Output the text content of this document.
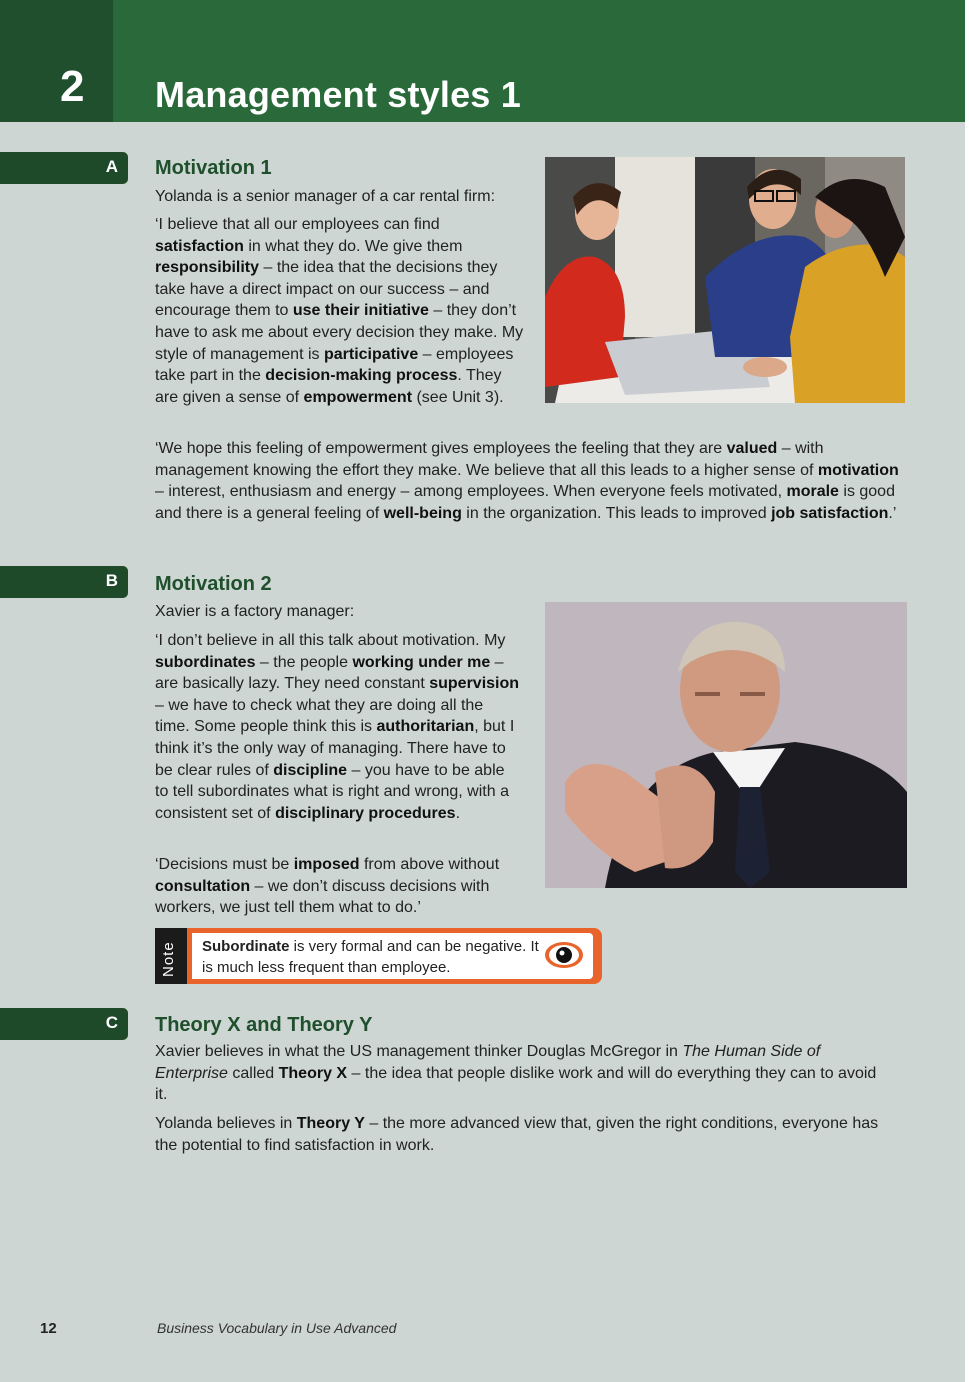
2 Management styles 1
A Motivation 1

Yolanda is a senior manager of a car rental firm:

‘I believe that all our employees can find satisfaction in what they do. We give them responsibility – the idea that the decisions they take have a direct impact on our success – and encourage them to use their initiative – they don’t have to ask me about every decision they make. My style of management is participative – employees take part in the decision-making process. They are given a sense of empowerment (see Unit 3).

‘We hope this feeling of empowerment gives employees the feeling that they are valued – with management knowing the effort they make. We believe that all this leads to a higher sense of motivation – interest, enthusiasm and energy – among employees. When everyone feels motivated, morale is good and there is a general feeling of well-being in the organization. This leads to improved job satisfaction.’

B Motivation 2

Xavier is a factory manager:

‘I don’t believe in all this talk about motivation. My subordinates – the people working under me – are basically lazy. They need constant supervision – we have to check what they are doing all the time. Some people think this is authoritarian, but I think it’s the only way of managing. There have to be clear rules of discipline – you have to be able to tell subordinates what is right and wrong, with a consistent set of disciplinary procedures.

‘Decisions must be imposed from above without consultation – we don’t discuss decisions with workers, we just tell them what to do.’

Note Subordinate is very formal and can be negative. It is much less frequent than employee.

C Theory X and Theory Y

Xavier believes in what the US management thinker Douglas McGregor in The Human Side of Enterprise called Theory X – the idea that people dislike work and will do everything they can to avoid it.

Yolanda believes in Theory Y – the more advanced view that, given the right conditions, everyone has the potential to find satisfaction in work.

12	Business Vocabulary in Use Advanced
